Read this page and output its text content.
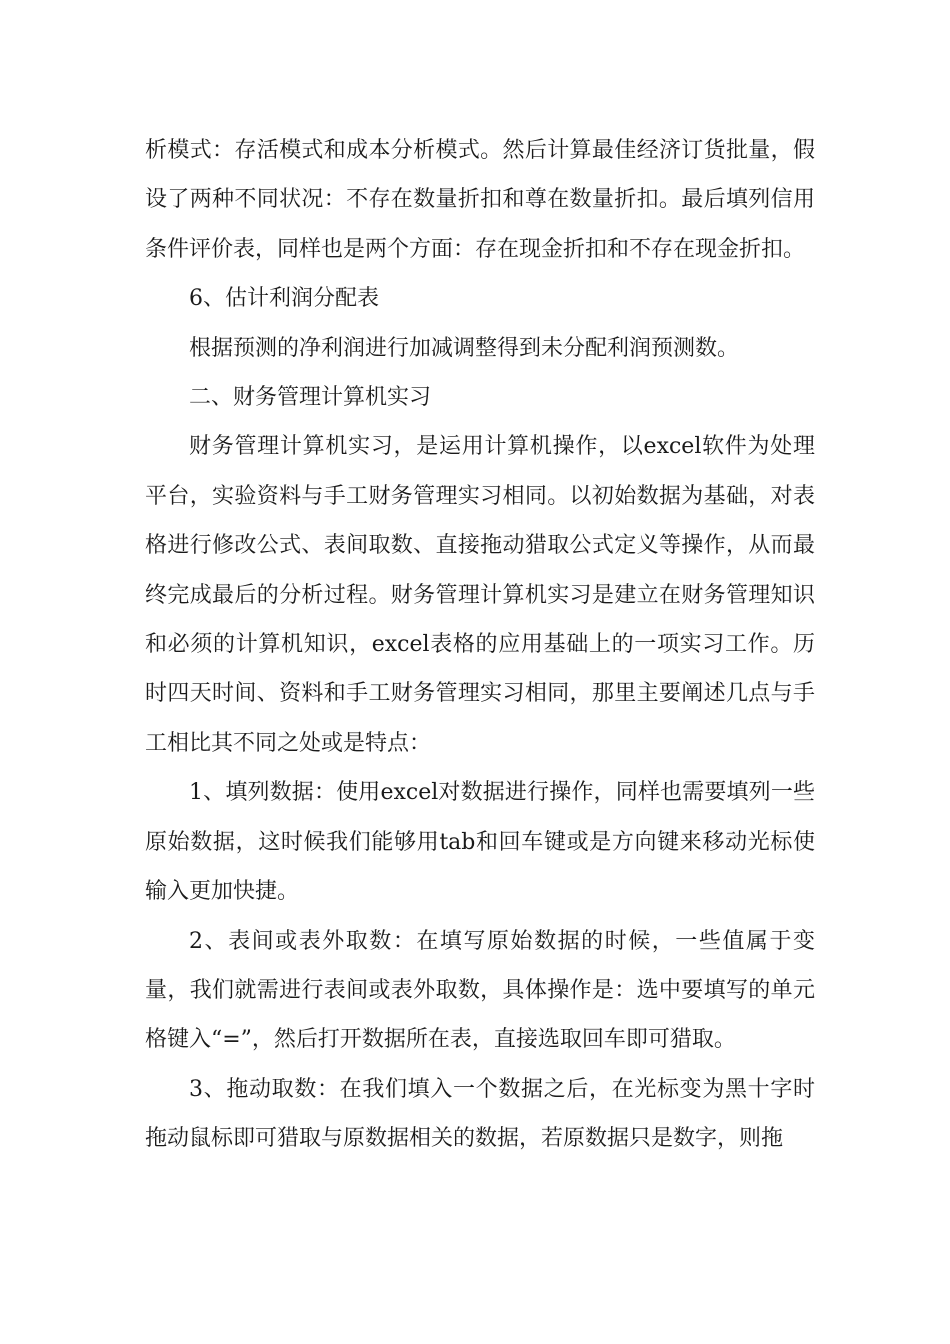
析模式：存活模式和成本分析模式。然后计算最佳经济订货批量，假设了两种不同状况：不存在数量折扣和尊在数量折扣。最后填列信用条件评价表，同样也是两个方面：存在现金折扣和不存在现金折扣。

6、估计利润分配表

根据预测的净利润进行加减调整得到未分配利润预测数。

二、财务管理计算机实习

财务管理计算机实习，是运用计算机操作，以excel软件为处理平台，实验资料与手工财务管理实习相同。以初始数据为基础，对表格进行修改公式、表间取数、直接拖动猎取公式定义等操作，从而最终完成最后的分析过程。财务管理计算机实习是建立在财务管理知识和必须的计算机知识，excel表格的应用基础上的一项实习工作。历时四天时间、资料和手工财务管理实习相同，那里主要阐述几点与手工相比其不同之处或是特点：

1、填列数据：使用excel对数据进行操作，同样也需要填列一些原始数据，这时候我们能够用tab和回车键或是方向键来移动光标使输入更加快捷。

2、表间或表外取数：在填写原始数据的时候，一些值属于变量，我们就需进行表间或表外取数，具体操作是：选中要填写的单元格键入“=”，然后打开数据所在表，直接选取回车即可猎取。

3、拖动取数：在我们填入一个数据之后，在光标变为黑十字时拖动鼠标即可猎取与原数据相关的数据，若原数据只是数字，则拖
